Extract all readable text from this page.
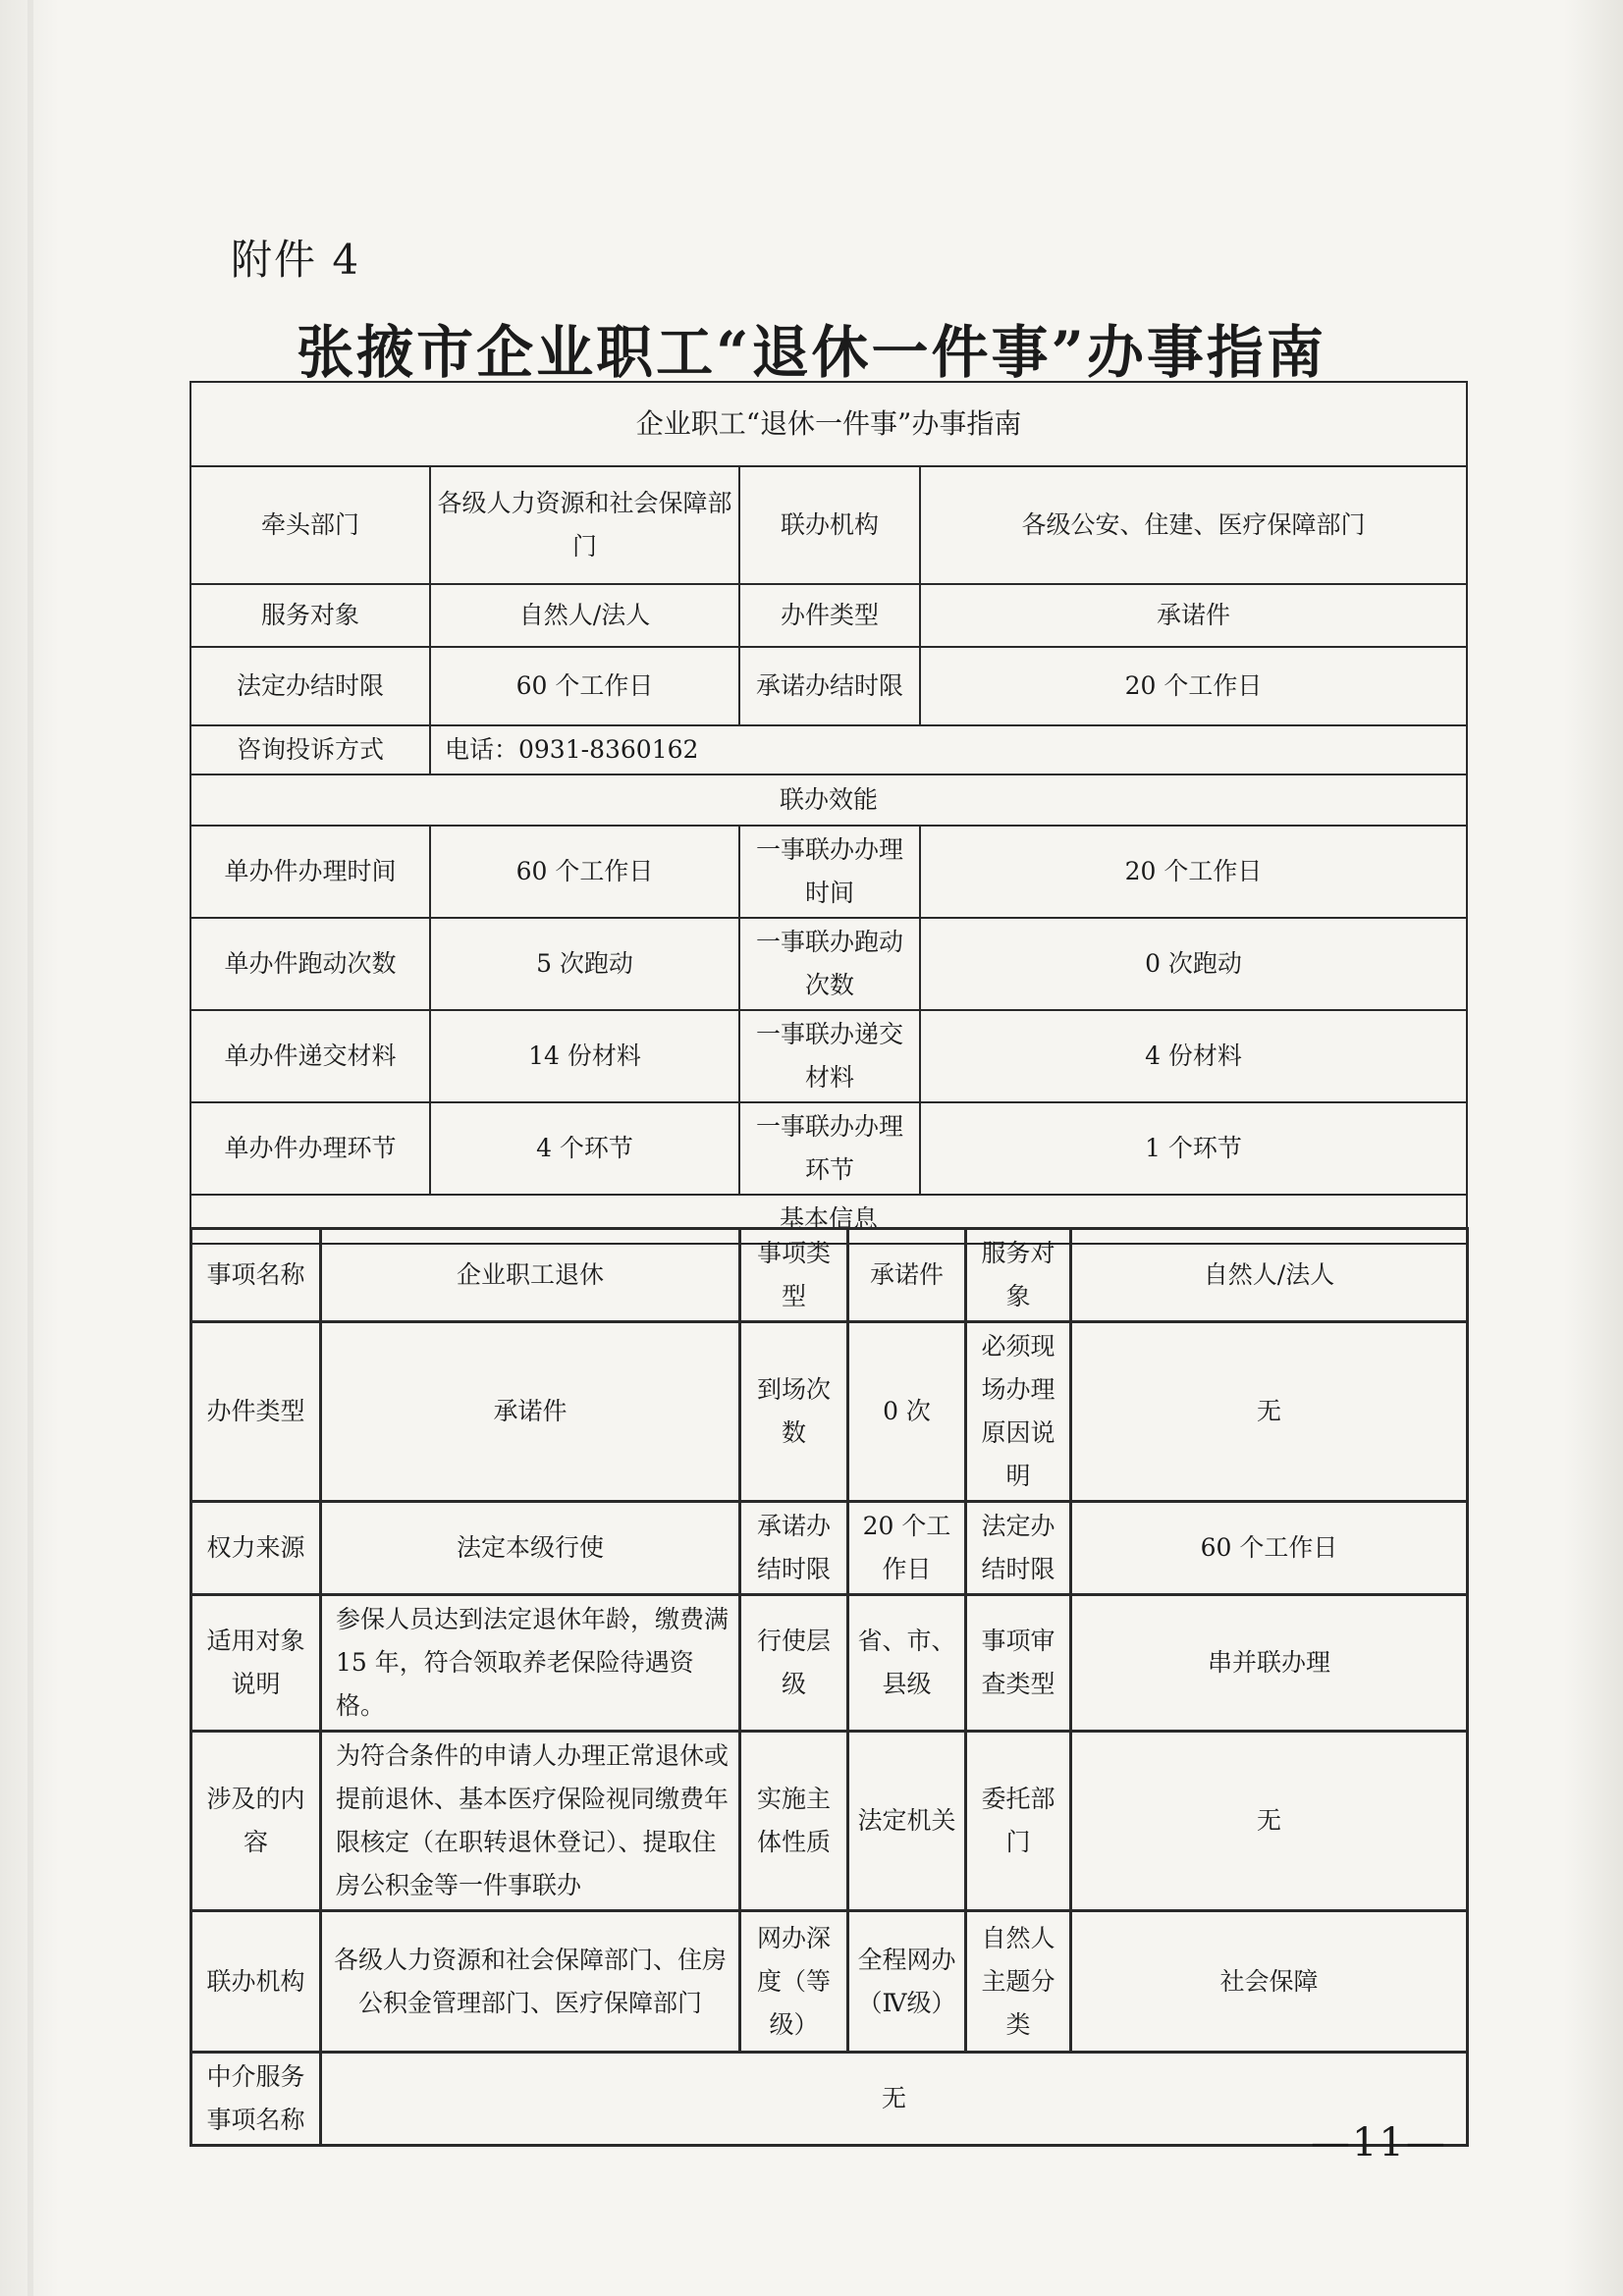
附件 4
张掖市企业职工“退休一件事”办事指南
企业职工“退休一件事”办事指南			
牵头部门	各级人力资源和社会保障部门	联办机构	各级公安、住建、医疗保障部门
服务对象	自然人/法人	办件类型	承诺件
法定办结时限	60 个工作日	承诺办结时限	20 个工作日
咨询投诉方式	电话：0931-8360162		
联办效能			
单办件办理时间	60 个工作日	一事联办办理时间	20 个工作日
单办件跑动次数	5 次跑动	一事联办跑动次数	0 次跑动
单办件递交材料	14 份材料	一事联办递交材料	4 份材料
单办件办理环节	4 个环节	一事联办办理环节	1 个环节
基本信息			
事项名称	企业职工退休	事项类型	承诺件	服务对象	自然人/法人
办件类型	承诺件	到场次数	0 次	必须现场办理原因说明	无
权力来源	法定本级行使	承诺办结时限	20 个工作日	法定办结时限	60 个工作日
适用对象说明	参保人员达到法定退休年龄，缴费满 15 年，符合领取养老保险待遇资格。	行使层级	省、市、县级	事项审查类型	串并联办理
涉及的内容	为符合条件的申请人办理正常退休或提前退休、基本医疗保险视同缴费年限核定（在职转退休登记）、提取住房公积金等一件事联办	实施主体性质	法定机关	委托部门	无
联办机构	各级人力资源和社会保障部门、住房公积金管理部门、医疗保障部门	网办深度（等级）	全程网办（Ⅳ级）	自然人主题分类	社会保障
中介服务事项名称	无				
—11—
